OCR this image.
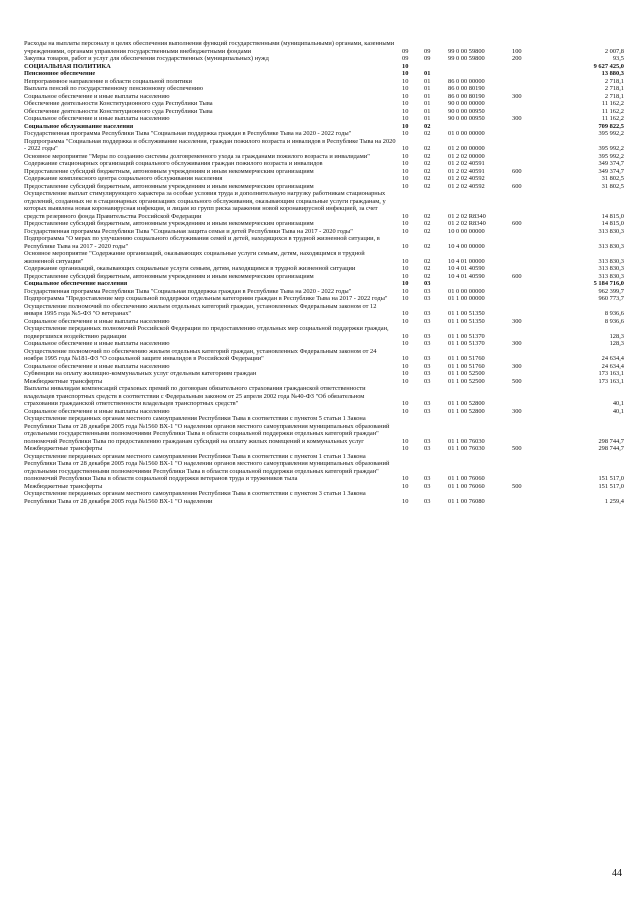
Расходы на выплаты персоналу в целях обеспечения выполнения функций государственными (муниципальными) органами, казенными учреждениями, органами управления государственными внебюджетными фондами	09	09	99 0 00 59800	100	2 007,8
Закупка товаров, работ и услуг для обеспечения государственных (муниципальных) нужд	09	09	99 0 00 59800	200	93,5
СОЦИАЛЬНАЯ ПОЛИТИКА	10	9 627 425,0
Пенсионное обеспечение	10	01	13 880,3
Непрограммное направление в области социальной политики	10	01	86 0 00 00000	2 718,1
Выплата пенсий по государственному пенсионному обеспечению	10	01	86 0 00 80190	2 718,1
Социальное обеспечение и иные выплаты населению	10	01	86 0 00 80190	300	2 718,1
Обеспечение деятельности Конституционного суда Республики Тыва	10	01	90 0 00 00000	11 162,2
Обеспечение деятельности Конституционного суда Республики Тыва	10	01	90 0 00 00950	11 162,2
Социальное обеспечение и иные выплаты населению	10	01	90 0 00 00950	300	11 162,2
Социальное обслуживание населения	10	02	709 822,5
Государственная программа Республики Тыва "Социальная поддержка граждан в Республике Тыва на 2020 - 2022 годы"	10	02	01 0 00 00000	395 992,2
Подпрограмма "Социальная поддержка и обслуживание населения, граждан пожилого возраста и инвалидов в Республике Тыва на 2020 - 2022 годы"	10	02	01 2 00 00000	395 992,2
Основное мероприятие "Меры по созданию системы долговременного ухода за гражданами пожилого возраста и инвалидами"	10	02	01 2 02 00000	395 992,2
Содержание стационарных организаций социального обслуживания граждан пожилого возраста и инвалидов	10	02	01 2 02 40591	349 374,7
Предоставление субсидий бюджетным, автономным учреждениям и иным некоммерческим организациям	10	02	01 2 02 40591	600	349 374,7
Содержание комплексного центра социального обслуживания населения	10	02	01 2 02 40592	31 802,5
Предоставление субсидий бюджетным, автономным учреждениям и иным некоммерческим организациям	10	02	01 2 02 40592	600	31 802,5
Осуществление выплат стимулирующего характера за особые условия труда и дополнительную нагрузку работникам стационарных отделений, созданных не в стационарных организациях социального обслуживания, оказывающим социальные услуги гражданам, у которых выявлена новая коронавирусная инфекция, и лицам из групп риска заражения новой коронавирусной инфекцией, за счет средств резервного фонда Правительства Российской Федерации	10	02	01 2 02 R8340	14 815,0
Предоставление субсидий бюджетным, автономным учреждениям и иным некоммерческим организациям	10	02	01 2 02 R8340	600	14 815,0
Государственная программа Республики Тыва "Социальная защита семьи и детей Республики Тыва на 2017 - 2020 годы"	10	02	10 0 00 00000	313 830,3
Подпрограмма "О мерах по улучшению социального обслуживания семей и детей, находящихся в трудной жизненной ситуации, в Республике Тыва на 2017 - 2020 годы"	10	02	10 4 00 00000	313 830,3
Основное мероприятие "Содержание организаций, оказывающих социальные услуги семьям, детям, находящимся в трудной жизненной ситуации"	10	02	10 4 01 00000	313 830,3
Содержание организаций, оказывающих социальные услуги семьям, детям, находящимся в трудной жизненной ситуации	10	02	10 4 01 40590	313 830,3
Предоставление субсидий бюджетным, автономным учреждениям и иным некоммерческим организациям	10	02	10 4 01 40590	600	313 830,3
Социальное обеспечение населения	10	03	5 184 716,0
Государственная программа Республики Тыва "Социальная поддержка граждан в Республике Тыва на 2020 - 2022 годы"	10	03	01 0 00 00000	962 399,7
Подпрограмма "Предоставление мер социальной поддержки отдельным категориям граждан в Республике Тыва на 2017 - 2022 годы"	10	03	01 1 00 00000	960 773,7
Осуществление полномочий по обеспечению жильем отдельных категорий граждан, установленных Федеральным законом от 12 января 1995 года №5-ФЗ "О ветеранах"	10	03	01 1 00 51350	8 936,6
Социальное обеспечение и иные выплаты населению	10	03	01 1 00 51350	300	8 936,6
Осуществление переданных полномочий Российской Федерации по предоставлению отдельных мер социальной поддержки граждан, подвергшихся воздействию радиации	10	03	01 1 00 51370	128,3
Социальное обеспечение и иные выплаты населению	10	03	01 1 00 51370	300	128,3
Осуществление полномочий по обеспечению жильем отдельных категорий граждан, установленных Федеральным законом от 24 ноября 1995 года №181-ФЗ "О социальной защите инвалидов в Российской Федерации"	10	03	01 1 00 51760	24 634,4
Социальное обеспечение и иные выплаты населению	10	03	01 1 00 51760	300	24 634,4
Субвенции на оплату жилищно-коммунальных услуг отдельным категориям граждан	10	03	01 1 00 52500	173 163,1
Межбюджетные трансферты	10	03	01 1 00 52500	500	173 163,1
Выплаты инвалидам компенсаций страховых премий по договорам обязательного страхования гражданской ответственности владельцев транспортных средств в соответствии с Федеральным законом от 25 апреля 2002 года №40-ФЗ "Об обязательном страховании гражданской ответственности владельцев транспортных средств"	10	03	01 1 00 52800	40,1
Социальное обеспечение и иные выплаты населению	10	03	01 1 00 52800	300	40,1
Осуществление переданных органам местного самоуправления Республики Тыва в соответствии с пунктом 5 статьи 1 Закона Республики Тыва от 28 декабря 2005 года №1560 ВХ-1 "О наделении органов местного самоуправления муниципальных образований отдельными государственными полномочиями Республики Тыва в области социальной поддержки отдельных категорий граждан" полномочий Республики Тыва по предоставлению гражданам субсидий на оплату жилых помещений и коммунальных услуг	10	03	01 1 00 76030	298 744,7
Межбюджетные трансферты	10	03	01 1 00 76030	500	298 744,7
Осуществление переданных органам местного самоуправления Республики Тыва в соответствии с пунктом 1 статьи 1 Закона Республики Тыва от 28 декабря 2005 года №1560 ВХ-1 "О наделении органов местного самоуправления муниципальных образований отдельными государственными полномочиями Республики Тыва в области социальной поддержки отдельных категорий граждан" полномочий Республики Тыва в области социальной поддержки ветеранов труда и тружеников тыла	10	03	01 1 00 76060	151 517,0
Межбюджетные трансферты	10	03	01 1 00 76060	500	151 517,0
Осуществление переданных органам местного самоуправления Республики Тыва в соответствии с пунктом 3 статьи 1 Закона Республики Тыва от 28 декабря 2005 года №1560 ВХ-1 "О наделении	10	03	01 1 00 76080	1 259,4
44
